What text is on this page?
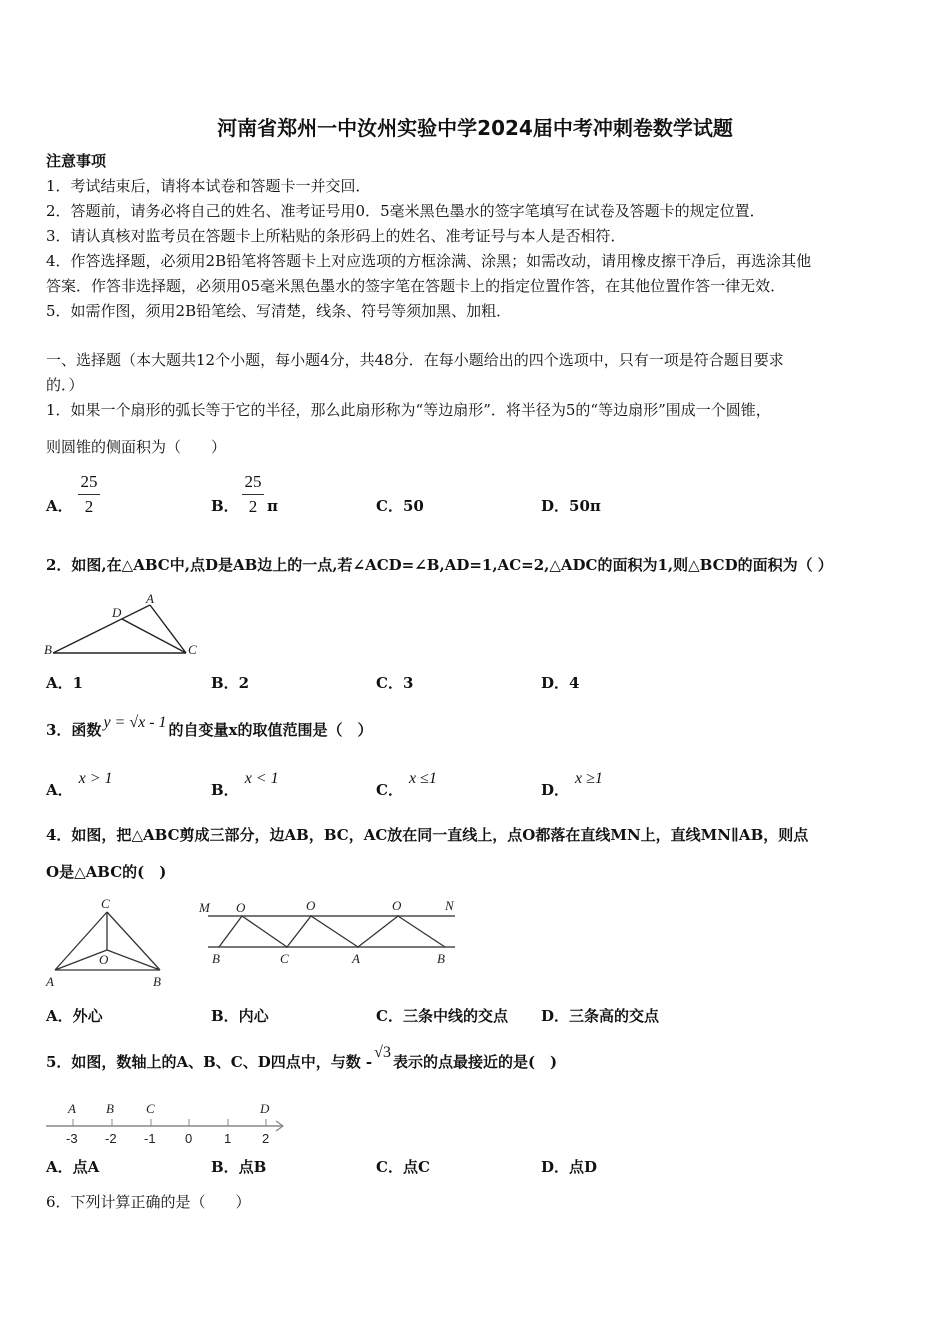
河南省郑州一中汝州实验中学2024届中考冲刺卷数学试题
注意事项
1．考试结束后，请将本试卷和答题卡一并交回．
2．答题前，请务必将自己的姓名、准考证号用0．5毫米黑色墨水的签字笔填写在试卷及答题卡的规定位置．
3．请认真核对监考员在答题卡上所粘贴的条形码上的姓名、准考证号与本人是否相符．
4．作答选择题，必须用2B铅笔将答题卡上对应选项的方框涂满、涂黑；如需改动，请用橡皮擦干净后，再选涂其他
答案．作答非选择题，必须用05毫米黑色墨水的签字笔在答题卡上的指定位置作答，在其他位置作答一律无效．
5．如需作图，须用2B铅笔绘、写清楚，线条、符号等须加黑、加粗．
一、选择题（本大题共12个小题，每小题4分，共48分．在每小题给出的四个选项中，只有一项是符合题目要求
的．）
1．如果一个扇形的弧长等于它的半径，那么此扇形称为“等边扇形”．将半径为5的“等边扇形”围成一个圆锥，
则圆锥的侧面积为（　　）
A．
25
2	B．
25
2 π	C．50	D．50π
2．如图,在△ABC中,点D是AB边上的一点,若∠ACD=∠B,AD=1,AC=2,△ADC的面积为1,则△BCD的面积为（ ）
A
B	C
D
A．1	B．2	C．3	D．4
3．函数 y = √x - 1 的自变量x的取值范围是（　）
A．x > 1
B．x < 1
C．x ≤1
D．x ≥1
4．如图，把△ABC剪成三部分，边AB，BC，AC放在同一直线上，点O都落在直线MN上，直线MN∥AB，则点
O是△ABC的(　)
C
O
A	B
M O	O	O	N
B	C	A	B
A．外心	B．内心	C．三条中线的交点 D．三条高的交点
5．如图，数轴上的A、B、C、D四点中，与数 -√3表示的点最接近的是(　)
A B C	D
-3 -2 -1 0 1 2
A．点A	B．点B	C．点C	D．点D
6．下列计算正确的是（　　）
